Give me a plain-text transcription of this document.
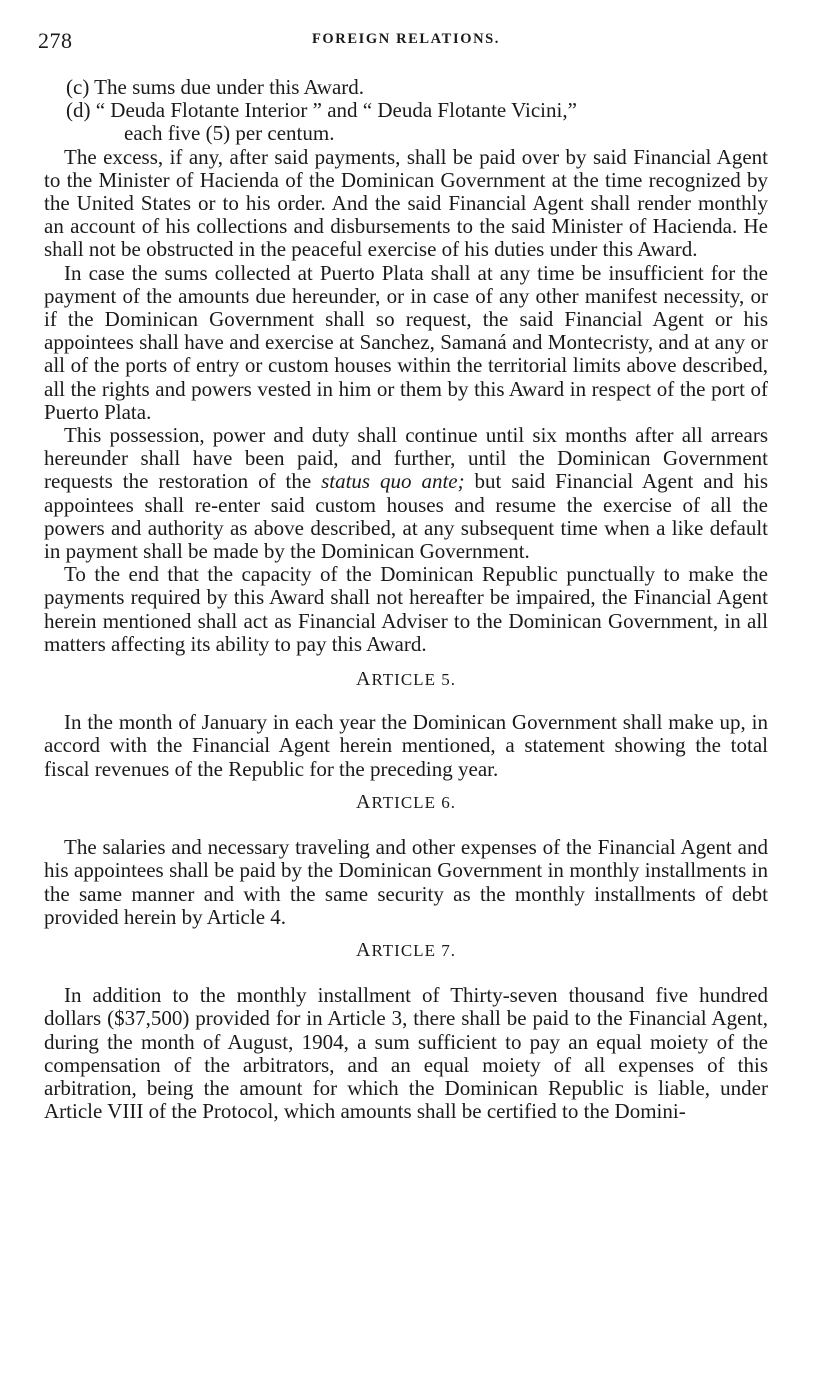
278	FOREIGN RELATIONS.

(c) The sums due under this Award.

(d) “ Deuda Flotante Interior ” and “ Deuda Flotante Vicini,”

each five (5) per centum.

The excess, if any, after said payments, shall be paid over by said Financial Agent to the Minister of Hacienda of the Dominican Government at the time recognized by the United States or to his order. And the said Financial Agent shall render monthly an account of his collections and disbursements to the said Minister of Hacienda. He shall not be obstructed in the peaceful exercise of his duties under this Award.

In case the sums collected at Puerto Plata shall at any time be insufficient for the payment of the amounts due hereunder, or in case of any other manifest necessity, or if the Dominican Government shall so request, the said Financial Agent or his appointees shall have and exercise at Sanchez, Samaná and Montecristy, and at any or all of the ports of entry or custom houses within the territorial limits above described, all the rights and powers vested in him or them by this Award in respect of the port of Puerto Plata.

This possession, power and duty shall continue until six months after all arrears hereunder shall have been paid, and further, until the Dominican Government requests the restoration of the status quo ante; but said Financial Agent and his appointees shall re-enter said custom houses and resume the exercise of all the powers and authority as above described, at any subsequent time when a like default in payment shall be made by the Dominican Government.

To the end that the capacity of the Dominican Republic punctually to make the payments required by this Award shall not hereafter be impaired, the Financial Agent herein mentioned shall act as Financial Adviser to the Dominican Government, in all matters affecting its ability to pay this Award.

ARTICLE 5.

In the month of January in each year the Dominican Government shall make up, in accord with the Financial Agent herein mentioned, a statement showing the total fiscal revenues of the Republic for the preceding year.

ARTICLE 6.

The salaries and necessary traveling and other expenses of the Financial Agent and his appointees shall be paid by the Dominican Government in monthly installments in the same manner and with the same security as the monthly installments of debt provided herein by Article 4.

ARTICLE 7.

In addition to the monthly installment of Thirty-seven thousand five hundred dollars ($37,500) provided for in Article 3, there shall be paid to the Financial Agent, during the month of August, 1904, a sum sufficient to pay an equal moiety of the compensation of the arbitrators, and an equal moiety of all expenses of this arbitration, being the amount for which the Dominican Republic is liable, under Article VIII of the Protocol, which amounts shall be certified to the Domini-
